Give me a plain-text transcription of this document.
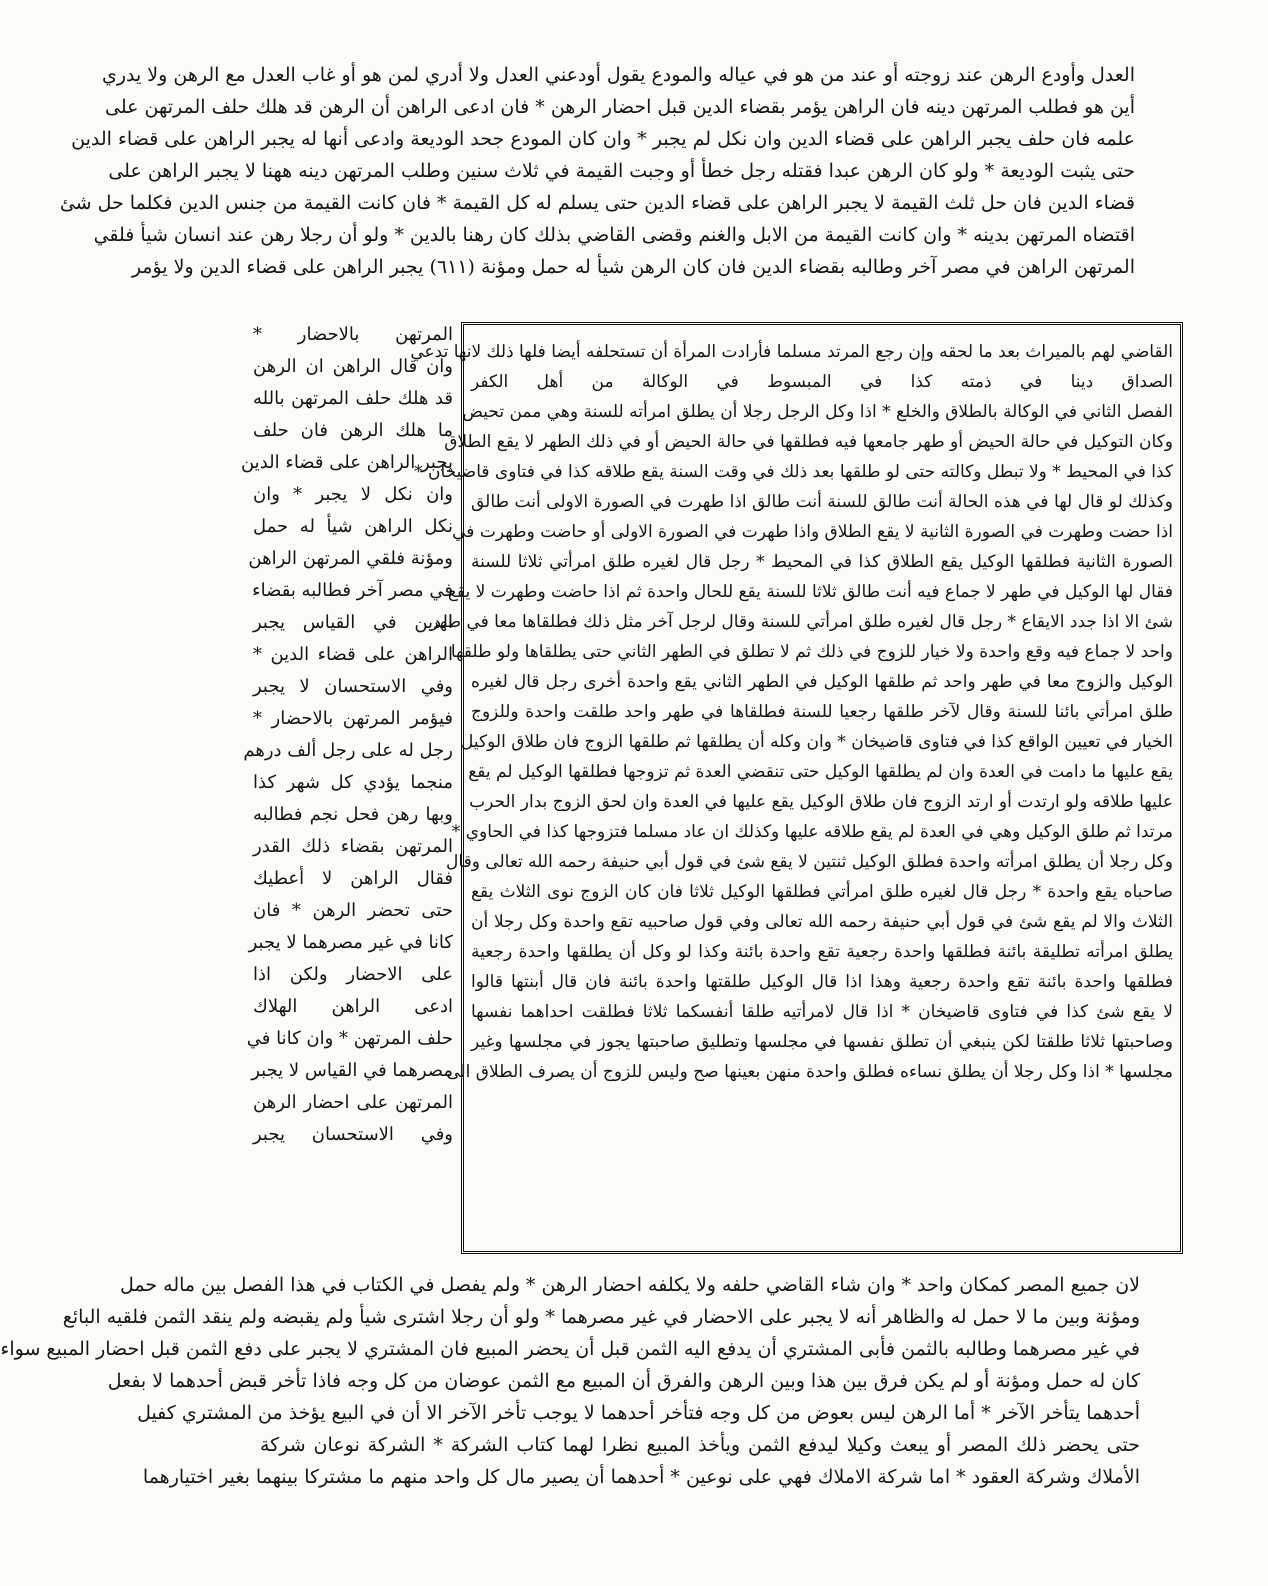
العدل وأودع الرهن عند زوجته أو عند من هو في عياله والمودع يقول أودعني العدل ولا أدري لمن هو أو غاب العدل مع الرهن ولا يدري
أين هو فطلب المرتهن دينه فان الراهن يؤمر بقضاء الدين قبل احضار الرهن * فان ادعى الراهن أن الرهن قد هلك حلف المرتهن على
علمه فان حلف يجبر الراهن على قضاء الدين وان نكل لم يجبر * وان كان المودع جحد الوديعة وادعى أنها له يجبر الراهن على قضاء الدين
حتى يثبت الوديعة * ولو كان الرهن عبدا فقتله رجل خطأ أو وجبت القيمة في ثلاث سنين وطلب المرتهن دينه ههنا لا يجبر الراهن على
قضاء الدين فان حل ثلث القيمة لا يجبر الراهن على قضاء الدين حتى يسلم له كل القيمة * فان كانت القيمة من جنس الدين فكلما حل شئ
اقتضاه المرتهن بدينه * وان كانت القيمة من الابل والغنم وقضى القاضي بذلك كان رهنا بالدين * ولو أن رجلا رهن عند انسان شيأ فلقي
المرتهن الراهن في مصر آخر وطالبه بقضاء الدين فان كان الرهن شيأ له حمل ومؤنة (٦١١) يجبر الراهن على قضاء الدين ولا يؤمر
القاضي لهم بالميراث بعد ما لحقه وإن رجع المرتد مسلما فأرادت المرأة أن تستحلفه أيضا فلها ذلك لانها تدعي
الصداق دينا في ذمته كذا في المبسوط في الوكالة من أهل الكفر
الفصل الثاني في الوكالة بالطلاق والخلع * اذا وكل الرجل رجلا أن يطلق امرأته للسنة وهي ممن تحيض
وكان التوكيل في حالة الحيض أو طهر جامعها فيه فطلقها في حالة الحيض أو في ذلك الطهر لا يقع الطلاق
كذا في المحيط * ولا تبطل وكالته حتى لو طلقها بعد ذلك في وقت السنة يقع طلاقه كذا في فتاوى قاضيخان *
وكذلك لو قال لها في هذه الحالة أنت طالق للسنة أنت طالق اذا طهرت في الصورة الاولى أنت طالق
اذا حضت وطهرت في الصورة الثانية لا يقع الطلاق واذا طهرت في الصورة الاولى أو حاضت وطهرت في
الصورة الثانية فطلقها الوكيل يقع الطلاق كذا في المحيط * رجل قال لغيره طلق امرأتي ثلاثا للسنة
فقال لها الوكيل في طهر لا جماع فيه أنت طالق ثلاثا للسنة يقع للحال واحدة ثم اذا حاضت وطهرت لا يقع
شئ الا اذا جدد الايقاع * رجل قال لغيره طلق امرأتي للسنة وقال لرجل آخر مثل ذلك فطلقاها معا في طهر
واحد لا جماع فيه وقع واحدة ولا خيار للزوج في ذلك ثم لا تطلق في الطهر الثاني حتى يطلقاها ولو طلقها
الوكيل والزوج معا في طهر واحد ثم طلقها الوكيل في الطهر الثاني يقع واحدة أخرى رجل قال لغيره
طلق امرأتي بائنا للسنة وقال لآخر طلقها رجعيا للسنة فطلقاها في طهر واحد طلقت واحدة وللزوج
الخيار في تعيين الواقع كذا في فتاوى قاضيخان * وان وكله أن يطلقها ثم طلقها الزوج فان طلاق الوكيل
يقع عليها ما دامت في العدة وان لم يطلقها الوكيل حتى تنقضي العدة ثم تزوجها فطلقها الوكيل لم يقع
عليها طلاقه ولو ارتدت أو ارتد الزوج فان طلاق الوكيل يقع عليها في العدة وان لحق الزوج بدار الحرب
مرتدا ثم طلق الوكيل وهي في العدة لم يقع طلاقه عليها وكذلك ان عاد مسلما فتزوجها كذا في الحاوي *
وكل رجلا أن يطلق امرأته واحدة فطلق الوكيل ثنتين لا يقع شئ في قول أبي حنيفة رحمه الله تعالى وقال
صاحباه يقع واحدة * رجل قال لغيره طلق امرأتي فطلقها الوكيل ثلاثا فان كان الزوج نوى الثلاث يقع
الثلاث والا لم يقع شئ في قول أبي حنيفة رحمه الله تعالى وفي قول صاحبيه تقع واحدة وكل رجلا أن
يطلق امرأته تطليقة بائنة فطلقها واحدة رجعية تقع واحدة بائنة وكذا لو وكل أن يطلقها واحدة رجعية
فطلقها واحدة بائنة تقع واحدة رجعية وهذا اذا قال الوكيل طلقتها واحدة بائنة فان قال أبنتها قالوا
لا يقع شئ كذا في فتاوى قاضيخان * اذا قال لامرأتيه طلقا أنفسكما ثلاثا فطلقت احداهما نفسها
وصاحبتها ثلاثا طلقتا لكن ينبغي أن تطلق نفسها في مجلسها وتطليق صاحبتها يجوز في مجلسها وغير
مجلسها * اذا وكل رجلا أن يطلق نساءه فطلق واحدة منهن بعينها صح وليس للزوج أن يصرف الطلاق الى
المرتهن بالاحضار *
وان قال الراهن ان الرهن
قد هلك حلف المرتهن بالله
ما هلك الرهن فان حلف
يجبر الراهن على قضاء الدين
وان نكل لا يجبر * وان
نكل الراهن شيأ له حمل
ومؤنة فلقي المرتهن الراهن
في مصر آخر فطالبه بقضاء
الدين في القياس يجبر
الراهن على قضاء الدين *
وفي الاستحسان لا يجبر
فيؤمر المرتهن بالاحضار *
رجل له على رجل ألف درهم
منجما يؤدي كل شهر كذا
وبها رهن فحل نجم فطالبه
المرتهن بقضاء ذلك القدر
فقال الراهن لا أعطيك
حتى تحضر الرهن * فان
كانا في غير مصرهما لا يجبر
على الاحضار ولكن اذا
ادعى الراهن الهلاك
حلف المرتهن * وان كانا في
مصرهما في القياس لا يجبر
المرتهن على احضار الرهن
وفي الاستحسان يجبر
لان جميع المصر كمكان واحد * وان شاء القاضي حلفه ولا يكلفه احضار الرهن * ولم يفصل في الكتاب في هذا الفصل بين ماله حمل
ومؤنة وبين ما لا حمل له والظاهر أنه لا يجبر على الاحضار في غير مصرهما * ولو أن رجلا اشترى شيأ ولم يقبضه ولم ينقد الثمن فلقيه البائع
في غير مصرهما وطالبه بالثمن فأبى المشتري أن يدفع اليه الثمن قبل أن يحضر المبيع فان المشتري لا يجبر على دفع الثمن قبل احضار المبيع سواء
كان له حمل ومؤنة أو لم يكن فرق بين هذا وبين الرهن والفرق أن المبيع مع الثمن عوضان من كل وجه فاذا تأخر قبض أحدهما لا بفعل
أحدهما يتأخر الآخر * أما الرهن ليس بعوض من كل وجه فتأخر أحدهما لا يوجب تأخر الآخر الا أن في البيع يؤخذ من المشتري كفيل
حتى يحضر ذلك المصر أو يبعث وكيلا ليدفع الثمن ويأخذ المبيع نظرا لهما كتاب الشركة * الشركة نوعان شركة
الأملاك وشركة العقود * اما شركة الاملاك فهي على نوعين * أحدهما أن يصير مال كل واحد منهم ما مشتركا بينهما بغير اختيارهما
